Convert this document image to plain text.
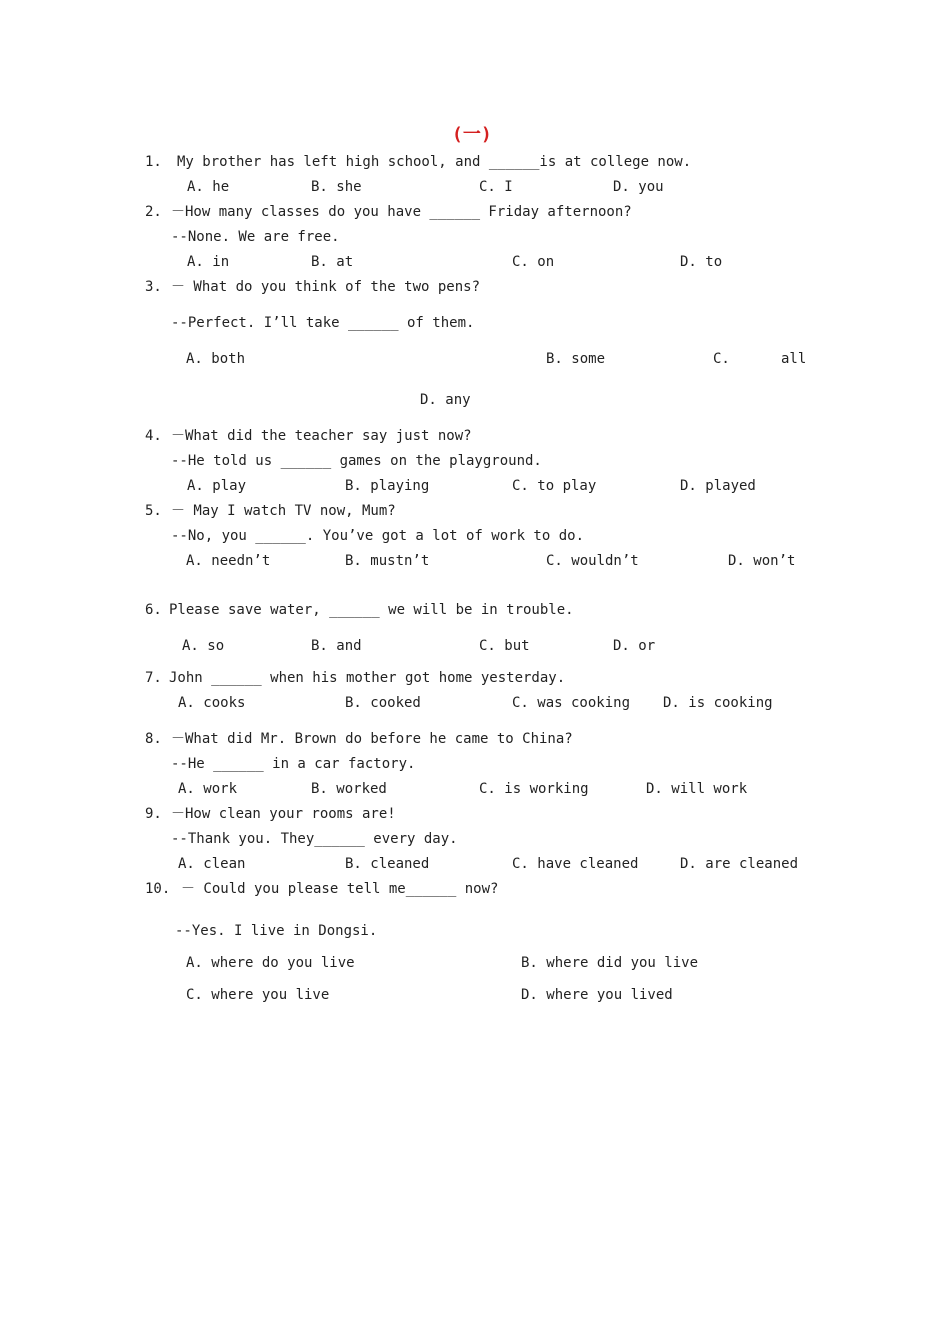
(一)
1. My brother has left high school, and ______is at college now.
A. he	B. she	C. I	D. you
2. －How many classes do you have ______ Friday afternoon?
--None. We are free.
A. in	B. at	C. on	D. to
3. － What do you think of the two pens?
--Perfect. I’ll take ______ of them.
A. both	B. some	C.	all
D. any
4. －What did the teacher say just now?
--He told us ______ games on the playground.
A. play	B. playing	C. to play	D. played
5. － May I watch TV now, Mum?
--No, you ______. You’ve got a lot of work to do.
A. needn’t	B. mustn’t	C. wouldn’t	D. won’t
6. Please save water, ______ we will be in trouble.
A. so	B. and	C. but	D. or
7. John ______ when his mother got home yesterday.
A. cooks	B. cooked	C. was cooking D. is cooking
8. －What did Mr. Brown do before he came to China?
--He ______ in a car factory.
A. work	B. worked	C. is working	D. will work
9. －How clean your rooms are!
--Thank you. They______ every day.
A. clean	B. cleaned	C. have cleaned	D. are cleaned
10. － Could you please tell me______ now?
--Yes. I live in Dongsi.
A. where do you live	B. where did you live
C. where you live	D. where you lived
